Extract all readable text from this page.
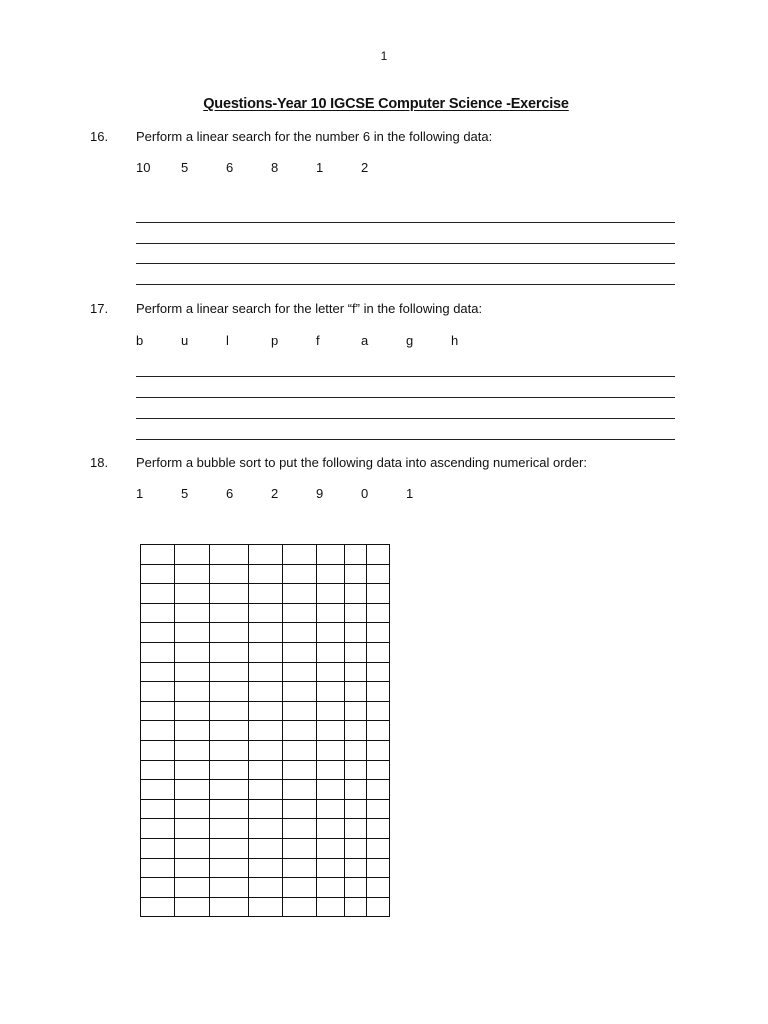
1
Questions-Year 10 IGCSE Computer Science -Exercise
16. Perform a linear search for the number 6 in the following data:
10	5	6	8	1	2
17. Perform a linear search for the letter “f” in the following data:
b	u	l	p	f	a	g	h
18. Perform a bubble sort to put the following data into ascending numerical order:
1	5	6	2	9	0	1
